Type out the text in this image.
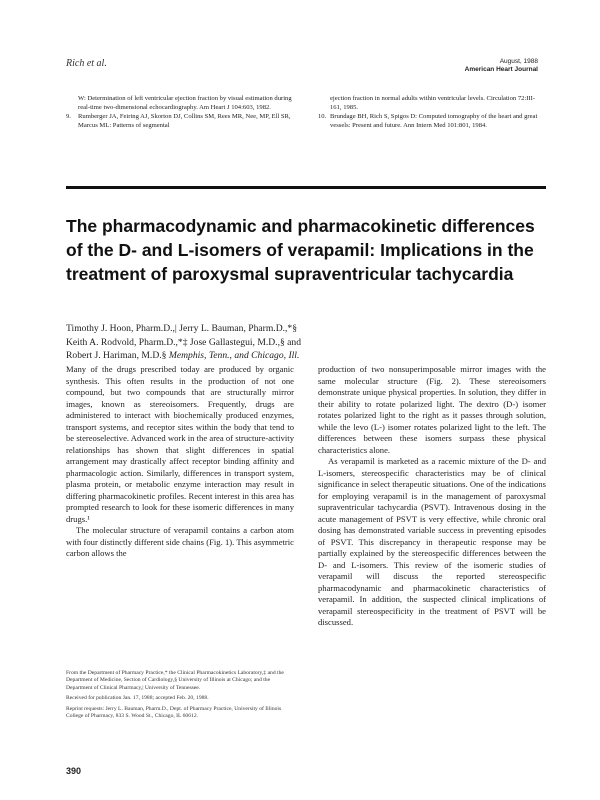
Rich et al.	August, 1988
American Heart Journal
W: Determination of left ventricular ejection fraction by visual estimation during real-time two-dimensional echocardiography. Am Heart J 104:603, 1982.
9.	Rumberger JA, Feiring AJ, Skorton DJ, Collins SM, Rees MR, Nee, MP, Ell SR, Marcus ML: Patterns of segmental
ejection fraction in normal adults within ventricular levels. Circulation 72:III-161, 1985.
10. Brundage BH, Rich S, Spigos D: Computed tomography of the heart and great vessels: Present and future. Ann Intern Med 101:801, 1984.
The pharmacodynamic and pharmacokinetic differences of the D- and L-isomers of verapamil: Implications in the treatment of paroxysmal supraventricular tachycardia
Timothy J. Hoon, Pharm.D.,| Jerry L. Bauman, Pharm.D.,*§
Keith A. Rodvold, Pharm.D.,*‡ Jose Gallastegui, M.D.,§ and
Robert J. Hariman, M.D.§ Memphis, Tenn., and Chicago, Ill.

Many of the drugs prescribed today are produced by organic synthesis. This often results in the production of not one compound, but two compounds that are structurally mirror images, known as stereoisomers. Frequently, drugs are administered to interact with biochemically produced enzymes, transport systems, and receptor sites within the body that tend to be stereoselective. Advanced work in the area of structure-activity relationships has shown that slight differences in spatial arrangement may drastically affect receptor binding affinity and pharmacologic action. Similarly, differences in transport system, plasma protein, or metabolic enzyme interaction may result in differing pharmacokinetic profiles. Recent interest in this area has prompted research to look for these isomeric differences in many drugs.¹

The molecular structure of verapamil contains a carbon atom with four distinctly different side chains (Fig. 1). This asymmetric carbon allows the

production of two nonsuperimposable mirror images with the same molecular structure (Fig. 2). These stereoisomers demonstrate unique physical properties. In solution, they differ in their ability to rotate polarized light. The dextro (D-) isomer rotates polarized light to the right as it passes through solution, while the levo (L-) isomer rotates polarized light to the left. The differences between these isomers surpass these physical characteristics alone.

As verapamil is marketed as a racemic mixture of the D- and L-isomers, stereospecific characteristics may be of clinical significance in select therapeutic situations. One of the indications for employing verapamil is in the management of paroxysmal supraventricular tachycardia (PSVT). Intravenous dosing in the acute management of PSVT is very effective, while chronic oral dosing has demonstrated variable success in preventing episodes of PSVT. This discrepancy in therapeutic response may be partially explained by the stereospecific differences between the D- and L-isomers. This review of the isomeric studies of verapamil will discuss the reported stereospecific pharmacodynamic and pharmacokinetic characteristics of verapamil. In addition, the suspected clinical implications of verapamil stereospecificity in the treatment of PSVT will be discussed.

From the Department of Pharmacy Practice,* the Clinical Pharmacokinetics Laboratory,‡ and the Department of Medicine, Section of Cardiology,§ University of Illinois at Chicago; and the Department of Clinical Pharmacy,| University of Tennessee.

Received for publication Jan. 17, 1988; accepted Feb. 20, 1988.

Reprint requests: Jerry L. Bauman, Pharm.D., Dept. of Pharmacy Practice, University of Illinois College of Pharmacy, 833 S. Wood St., Chicago, IL 60612.

390
